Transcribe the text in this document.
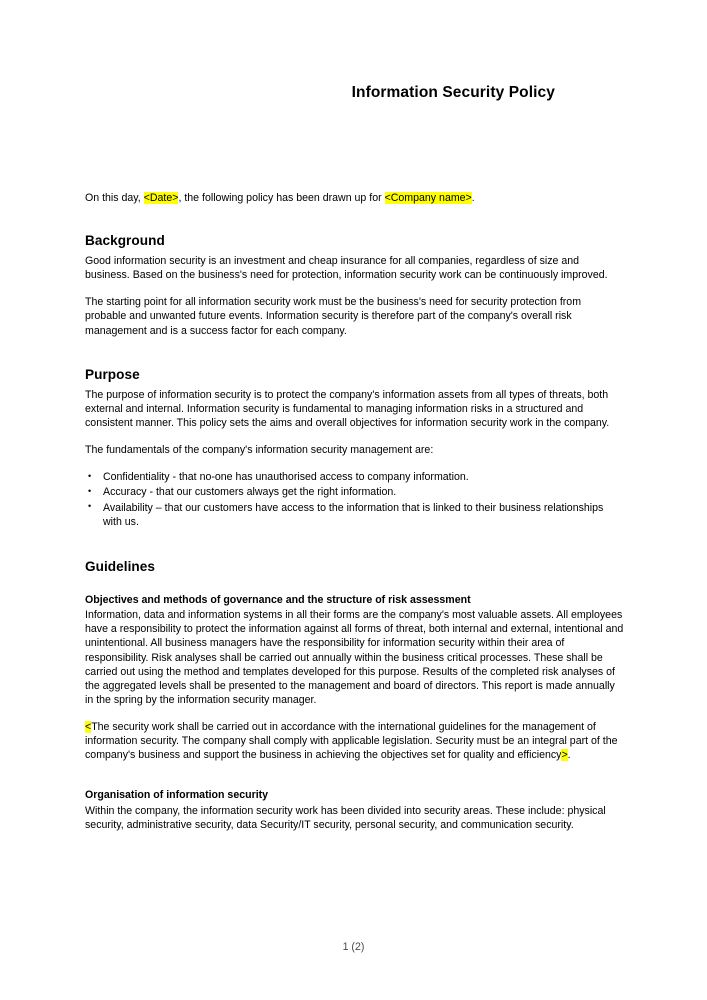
Information Security Policy
On this day, <Date>, the following policy has been drawn up for <Company name>.
Background

Good information security is an investment and cheap insurance for all companies, regardless of size and business. Based on the business's need for protection, information security work can be continuously improved.

The starting point for all information security work must be the business's need for security protection from probable and unwanted future events. Information security is therefore part of the company's overall risk management and is a success factor for each company.

Purpose

The purpose of information security is to protect the company's information assets from all types of threats, both external and internal. Information security is fundamental to managing information risks in a structured and consistent manner. This policy sets the aims and overall objectives for information security work in the company.

The fundamentals of the company's information security management are:

• Confidentiality - that no-one has unauthorised access to company information.
• Accuracy - that our customers always get the right information.
• Availability – that our customers have access to the information that is linked to their business relationships with us.
Guidelines
Objectives and methods of governance and the structure of risk assessment

Information, data and information systems in all their forms are the company's most valuable assets. All employees have a responsibility to protect the information against all forms of threat, both internal and external, intentional and unintentional. All business managers have the responsibility for information security within their area of responsibility. Risk analyses shall be carried out annually within the business critical processes. These shall be carried out using the method and templates developed for this purpose. Results of the completed risk analyses of the aggregated levels shall be presented to the management and board of directors. This report is made annually in the spring by the information security manager.

<The security work shall be carried out in accordance with the international guidelines for the management of information security. The company shall comply with applicable legislation. Security must be an integral part of the company's business and support the business in achieving the objectives set for quality and efficiency>.

Organisation of information security

Within the company, the information security work has been divided into security areas. These include: physical security, administrative security, data Security/IT security, personal security, and communication security.

1 (2)
